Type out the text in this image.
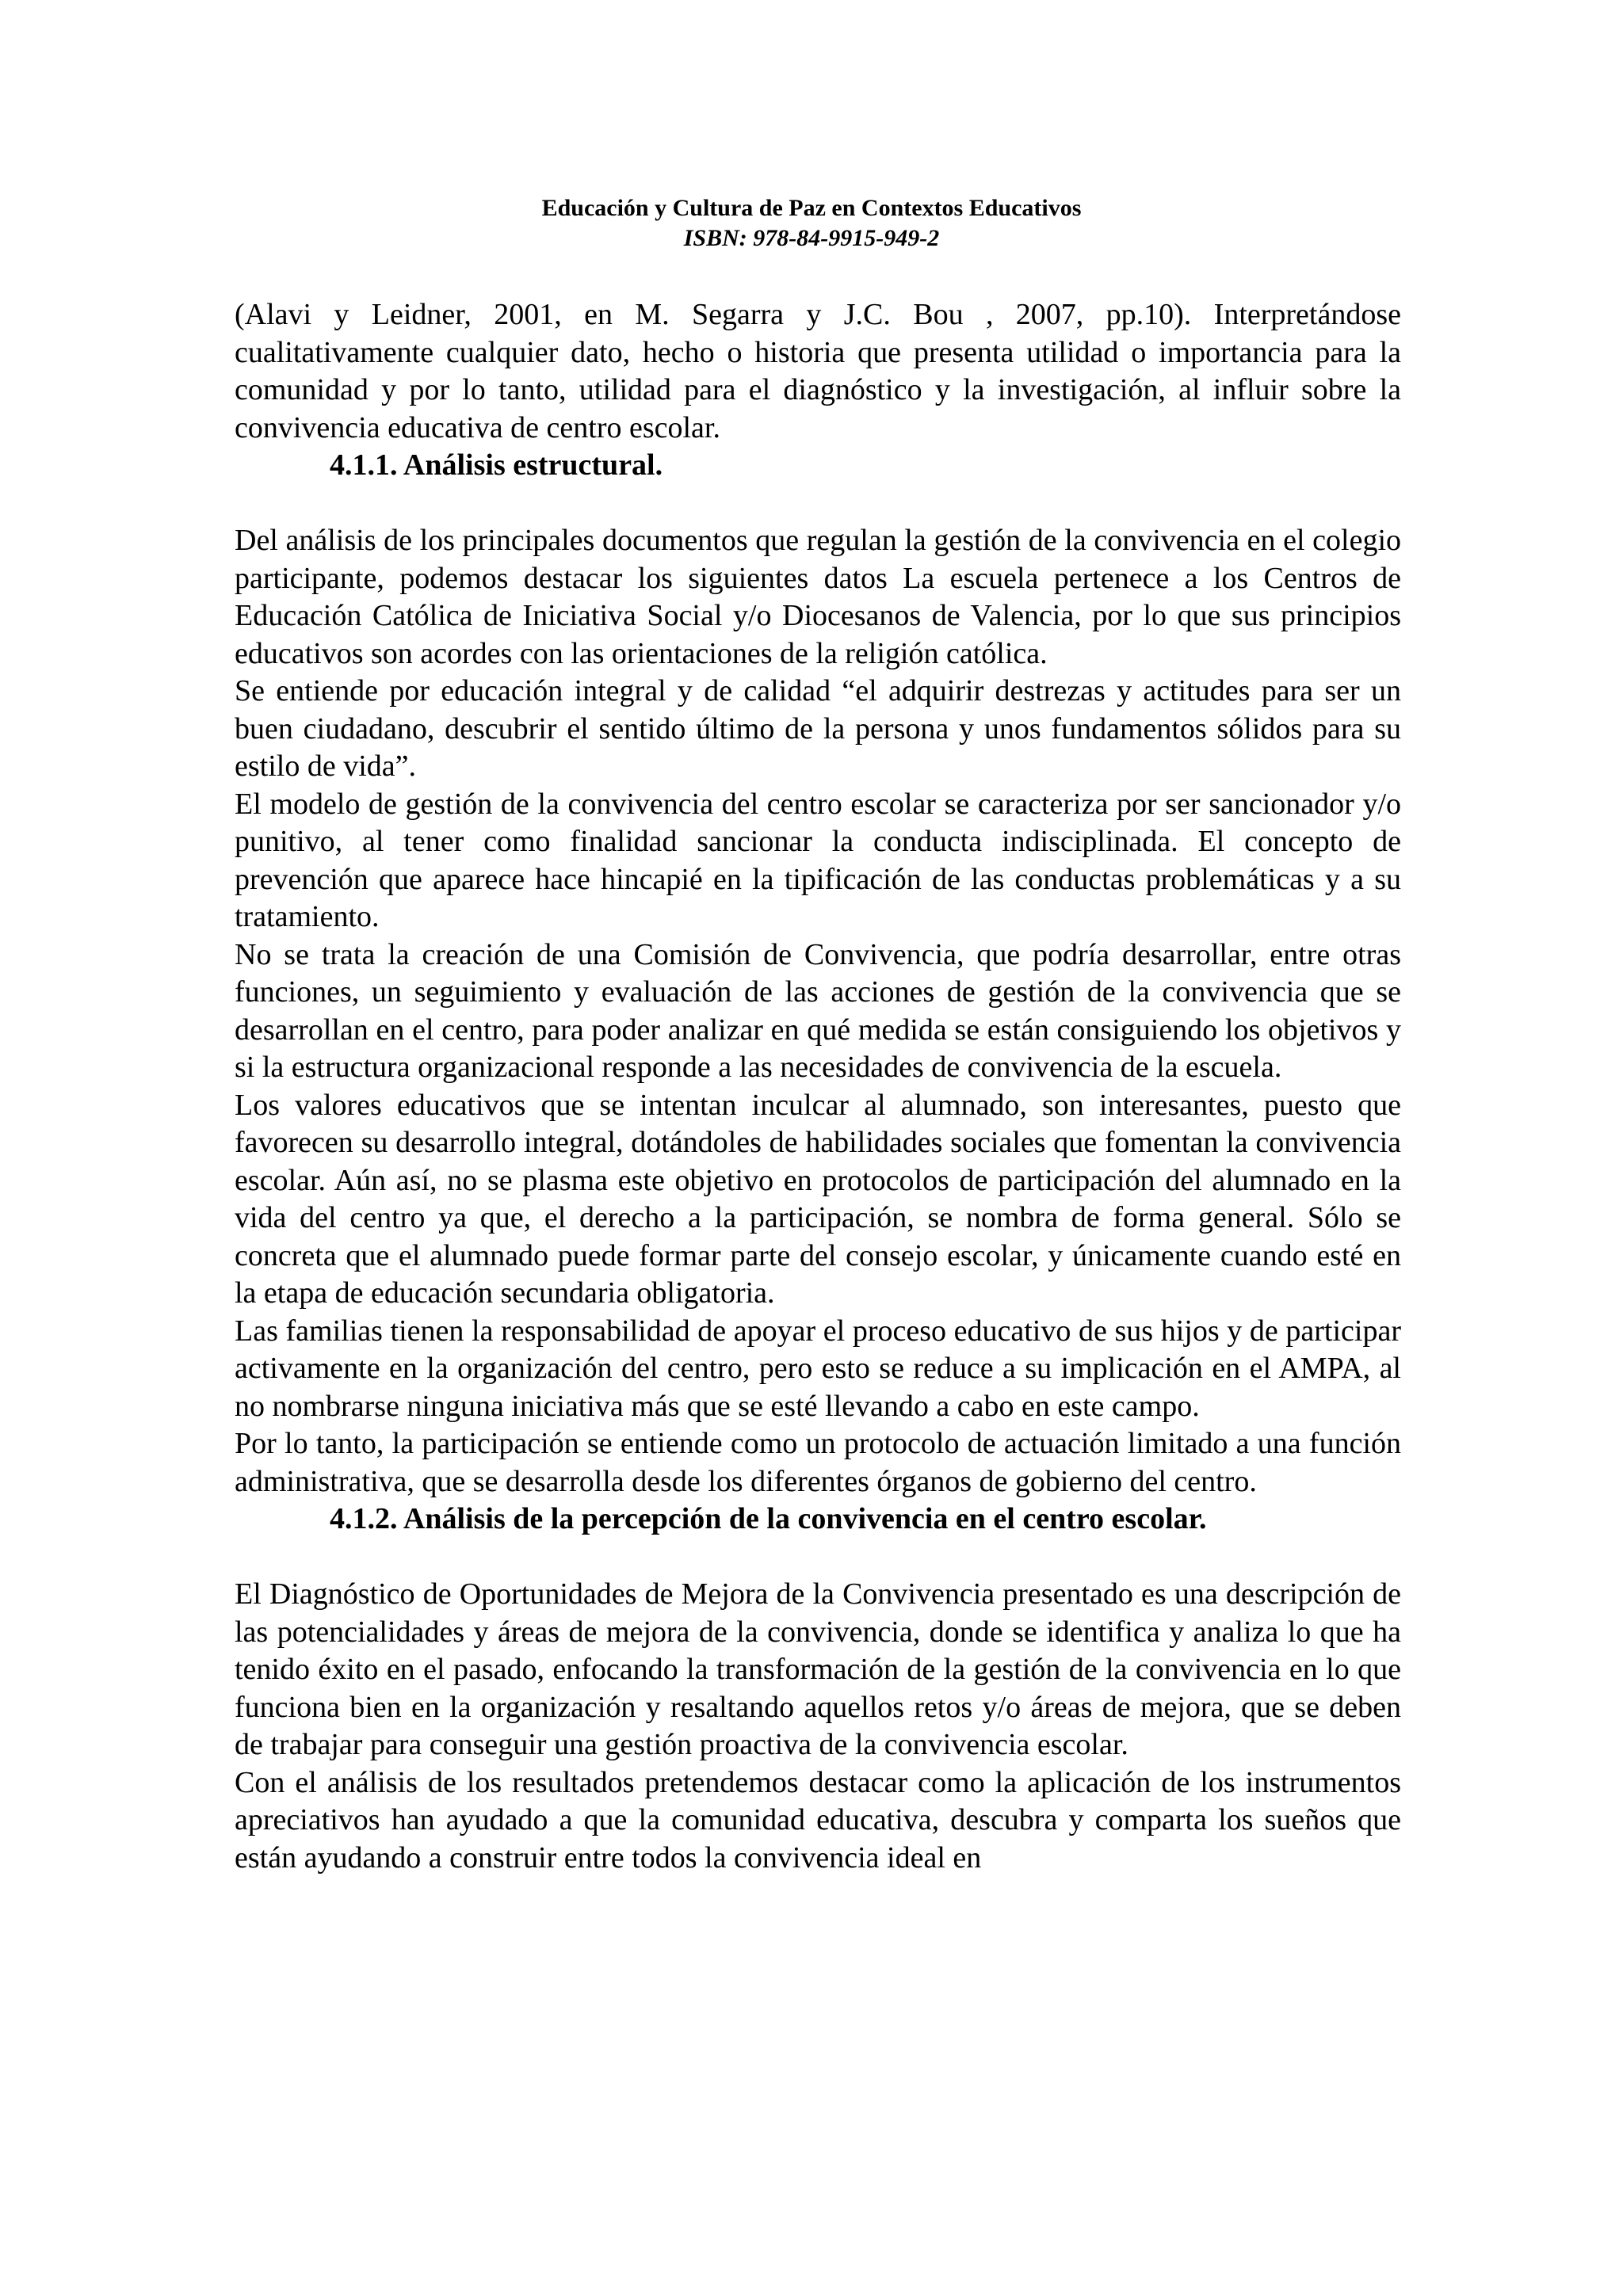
Educación y Cultura de Paz en Contextos Educativos
ISBN: 978-84-9915-949-2

(Alavi y Leidner, 2001, en M. Segarra y J.C. Bou , 2007, pp.10). Interpretándose cualitativamente cualquier dato, hecho o historia que presenta utilidad o importancia para la comunidad y por lo tanto, utilidad para el diagnóstico y la investigación, al influir sobre la convivencia educativa de centro escolar.

4.1.1. Análisis estructural.

Del análisis de los principales documentos que regulan la gestión de la convivencia en el colegio participante, podemos destacar los siguientes datos La escuela pertenece a los Centros de Educación Católica de Iniciativa Social y/o Diocesanos de Valencia, por lo que sus principios educativos son acordes con las orientaciones de la religión católica.

Se entiende por educación integral y de calidad “el adquirir destrezas y actitudes para ser un buen ciudadano, descubrir el sentido último de la persona y unos fundamentos sólidos para su estilo de vida”.

El modelo de gestión de la convivencia del centro escolar se caracteriza por ser sancionador y/o punitivo, al tener como finalidad sancionar la conducta indisciplinada. El concepto de prevención que aparece hace hincapié en la tipificación de las conductas problemáticas y a su tratamiento.

No se trata la creación de una Comisión de Convivencia, que podría desarrollar, entre otras funciones, un seguimiento y evaluación de las acciones de gestión de la convivencia que se desarrollan en el centro, para poder analizar en qué medida se están consiguiendo los objetivos y si la estructura organizacional responde a las necesidades de convivencia de la escuela.

Los valores educativos que se intentan inculcar al alumnado, son interesantes, puesto que favorecen su desarrollo integral, dotándoles de habilidades sociales que fomentan la convivencia escolar. Aún así, no se plasma este objetivo en protocolos de participación del alumnado en la vida del centro ya que, el derecho a la participación, se nombra de forma general. Sólo se concreta que el alumnado puede formar parte del consejo escolar, y únicamente cuando esté en la etapa de educación secundaria obligatoria.

Las familias tienen la responsabilidad de apoyar el proceso educativo de sus hijos y de participar activamente en la organización del centro, pero esto se reduce a su implicación en el AMPA, al no nombrarse ninguna iniciativa más que se esté llevando a cabo en este campo.

Por lo tanto, la participación se entiende como un protocolo de actuación limitado a una función administrativa, que se desarrolla desde los diferentes órganos de gobierno del centro.

4.1.2. Análisis de la percepción de la convivencia en el centro escolar.

El Diagnóstico de Oportunidades de Mejora de la Convivencia presentado es una descripción de las potencialidades y áreas de mejora de la convivencia, donde se identifica y analiza lo que ha tenido éxito en el pasado, enfocando la transformación de la gestión de la convivencia en lo que funciona bien en la organización y resaltando aquellos retos y/o áreas de mejora, que se deben de trabajar para conseguir una gestión proactiva de la convivencia escolar.

Con el análisis de los resultados pretendemos destacar como la aplicación de los instrumentos apreciativos han ayudado a que la comunidad educativa, descubra y comparta los sueños que están ayudando a construir entre todos la convivencia ideal en
